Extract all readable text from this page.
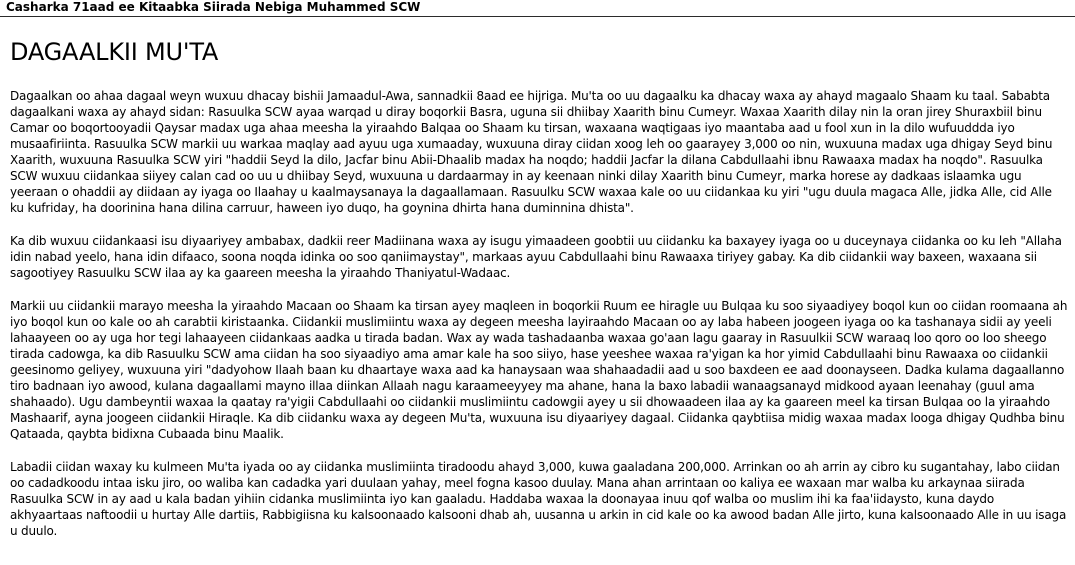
Casharka 71aad ee Kitaabka Siirada Nebiga Muhammed SCW
DAGAALKII MU'TA

Dagaalkan oo ahaa dagaal weyn wuxuu dhacay bishii Jamaadul-Awa, sannadkii 8aad ee hijriga. Mu'ta oo uu dagaalku ka dhacay waxa ay ahayd magaalo Shaam ku taal. Sababta dagaalkani waxa ay ahayd sidan: Rasuulka SCW ayaa warqad u diray boqorkii Basra, uguna sii dhiibay Xaarith binu Cumeyr. Waxaa Xaarith dilay nin la oran jirey Shuraxbiil binu Camar oo boqortooyadii Qaysar madax uga ahaa meesha la yiraahdo Balqaa oo Shaam ku tirsan, waxaana waqtigaas iyo maantaba aad u fool xun in la dilo wufuuddda iyo musaafiriinta. Rasuulka SCW markii uu warkaa maqlay aad ayuu uga xumaaday, wuxuuna diray ciidan xoog leh oo gaarayey 3,000 oo nin, wuxuuna madax uga dhigay Seyd binu Xaarith, wuxuuna Rasuulka SCW yiri "haddii Seyd la dilo, Jacfar binu Abii-Dhaalib madax ha noqdo; haddii Jacfar la dilana Cabdullaahi ibnu Rawaaxa madax ha noqdo". Rasuulka SCW wuxuu ciidankaa siiyey calan cad oo uu u dhiibay Seyd, wuxuuna u dardaarmay in ay keenaan ninki dilay Xaarith binu Cumeyr, marka horese ay dadkaas islaamka ugu yeeraan o ohaddii ay diidaan ay iyaga oo Ilaahay u kaalmaysanaya la dagaallamaan. Rasuulku SCW waxaa kale oo uu ciidankaa ku yiri "ugu duula magaca Alle, jidka Alle, cid Alle ku kufriday, ha doorinina hana dilina carruur, haween iyo duqo, ha goynina dhirta hana duminnina dhista".

Ka dib wuxuu ciidankaasi isu diyaariyey ambabax, dadkii reer Madiinana waxa ay isugu yimaadeen goobtii uu ciidanku ka baxayey iyaga oo u duceynaya ciidanka oo ku leh "Allaha idin nabad yeelo, hana idin difaaco, soona noqda idinka oo soo qaniimaystay", markaas ayuu Cabdullaahi binu Rawaaxa tiriyey gabay. Ka dib ciidankii way baxeen, waxaana sii sagootiyey Rasuulku SCW ilaa ay ka gaareen meesha la yiraahdo Thaniyatul-Wadaac.

Markii uu ciidankii marayo meesha la yiraahdo Macaan oo Shaam ka tirsan ayey maqleen in boqorkii Ruum ee hiragle uu Bulqaa ku soo siyaadiyey boqol kun oo ciidan roomaana ah iyo boqol kun oo kale oo ah carabtii kiristaanka. Ciidankii muslimiintu waxa ay degeen meesha layiraahdo Macaan oo ay laba habeen joogeen iyaga oo ka tashanaya sidii ay yeeli lahaayeen oo ay uga hor tegi lahaayeen ciidankaas aadka u tirada badan. Wax ay wada tashadaanba waxaa go'aan lagu gaaray in Rasuulkii SCW waraaq loo qoro oo loo sheego tirada cadowga, ka dib Rasuulku SCW ama ciidan ha soo siyaadiyo ama amar kale ha soo siiyo, hase yeeshee waxaa ra'yigan ka hor yimid Cabdullaahi binu Rawaaxa oo ciidankii geesinomo geliyey, wuxuuna yiri "dadyohow Ilaah baan ku dhaartaye waxa aad ka hanaysaan waa shahaadadii aad u soo baxdeen ee aad doonayseen. Dadka kulama dagaallanno tiro badnaan iyo awood, kulana dagaallami mayno illaa diinkan Allaah nagu karaameeyyey ma ahane, hana la baxo labadii wanaagsanayd midkood ayaan leenahay (guul ama shahaado). Ugu dambeyntii waxaa la qaatay ra'yigii Cabdullaahi oo ciidankii muslimiintu cadowgii ayey u sii dhowaadeen ilaa ay ka gaareen meel ka tirsan Bulqaa oo la yiraahdo Mashaarif, ayna joogeen ciidankii Hiraqle. Ka dib ciidanku waxa ay degeen Mu'ta, wuxuuna isu diyaariyey dagaal. Ciidanka qaybtiisa midig waxaa madax looga dhigay Qudhba binu Qataada, qaybta bidixna Cubaada binu Maalik.

Labadii ciidan waxay ku kulmeen Mu'ta iyada oo ay ciidanka muslimiinta tiradoodu ahayd 3,000, kuwa gaaladana 200,000. Arrinkan oo ah arrin ay cibro ku sugantahay, labo ciidan oo cadadkoodu intaa isku jiro, oo waliba kan cadadka yari duulaan yahay, meel fogna kasoo duulay. Mana ahan arrintaan oo kaliya ee waxaan mar walba ku arkaynaa siirada Rasuulka SCW in ay aad u kala badan yihiin cidanka muslimiinta iyo kan gaaladu. Haddaba waxaa la doonayaa inuu qof walba oo muslim ihi ka faa'iidaysto, kuna daydo akhyaartaas naftoodii u hurtay Alle dartiis, Rabbigiisna ku kalsoonaado kalsooni dhab ah, uusanna u arkin in cid kale oo ka awood badan Alle jirto, kuna kalsoonaado Alle in uu isaga u duulo.
